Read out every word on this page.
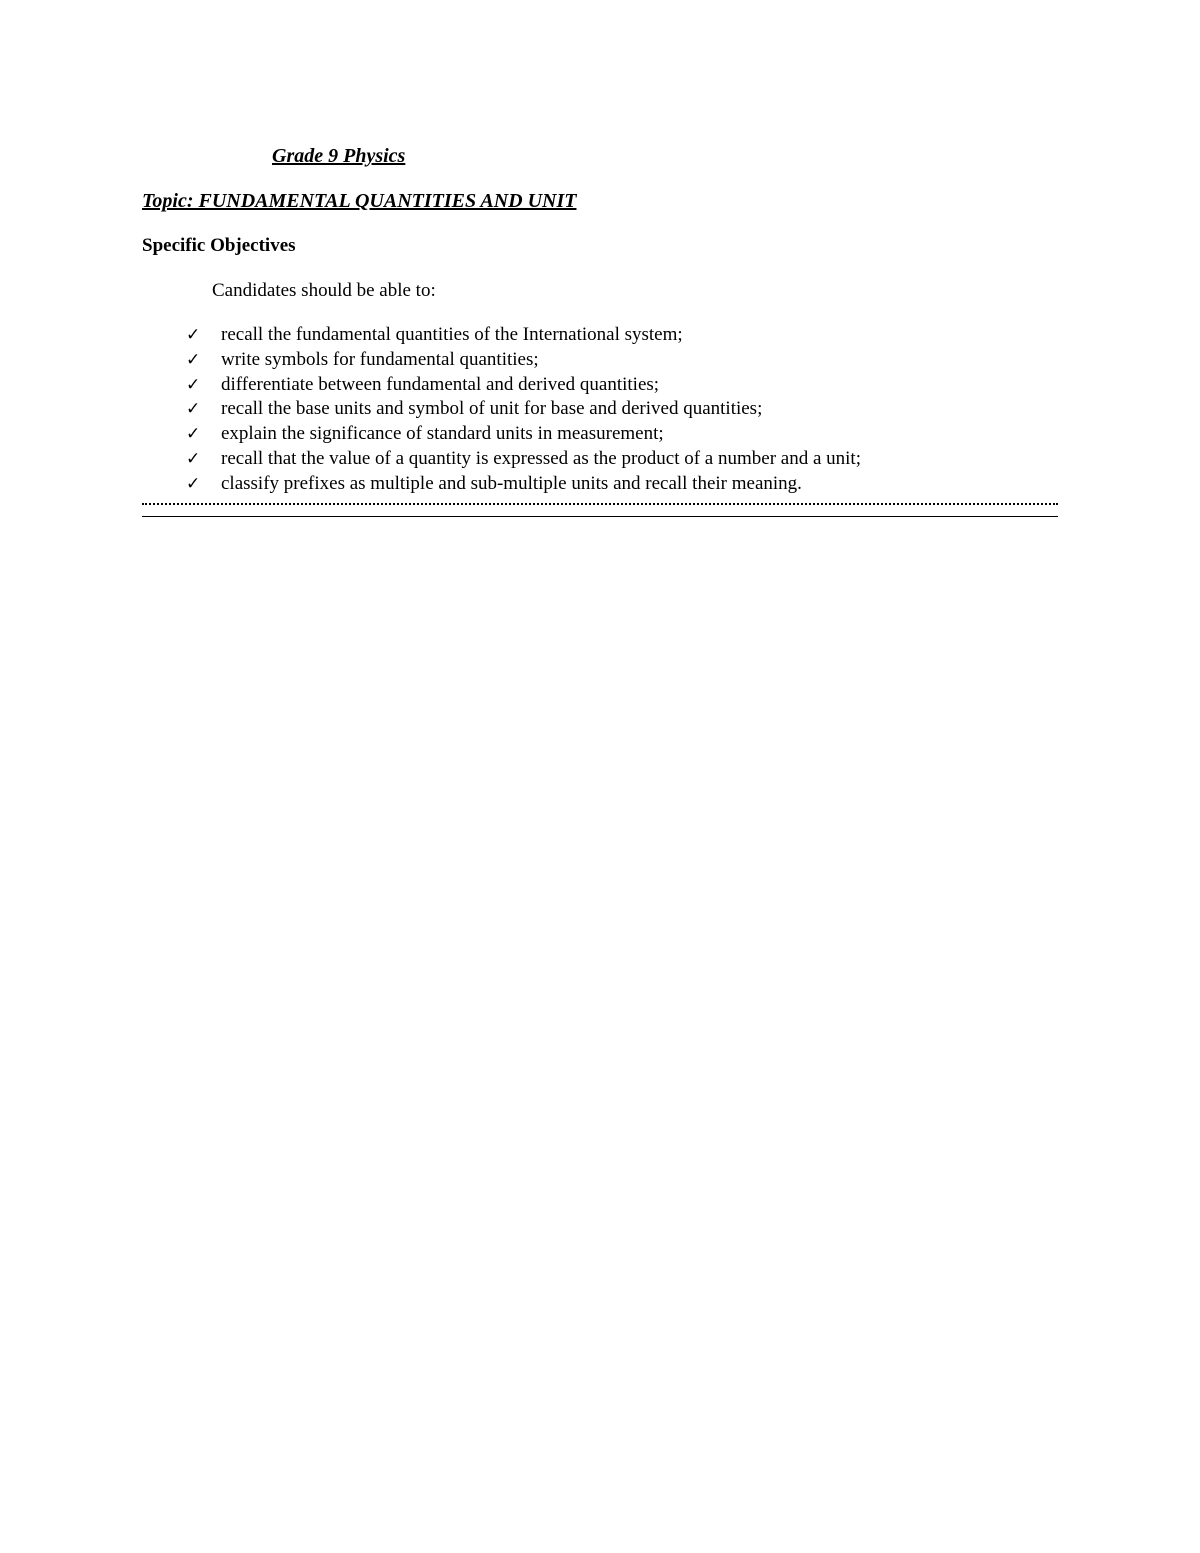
Grade 9 Physics
Topic: FUNDAMENTAL QUANTITIES AND UNIT
Specific Objectives
Candidates should be able to:
✓	recall the fundamental quantities of the International system;
✓	write symbols for fundamental quantities;
✓	differentiate between fundamental and derived quantities;
✓	recall the base units and symbol of unit for base and derived quantities;
✓	explain the significance of standard units in measurement;
✓	recall that the value of a quantity is expressed as the product of a number and a unit;
✓	classify prefixes as multiple and sub-multiple units and recall their meaning.
